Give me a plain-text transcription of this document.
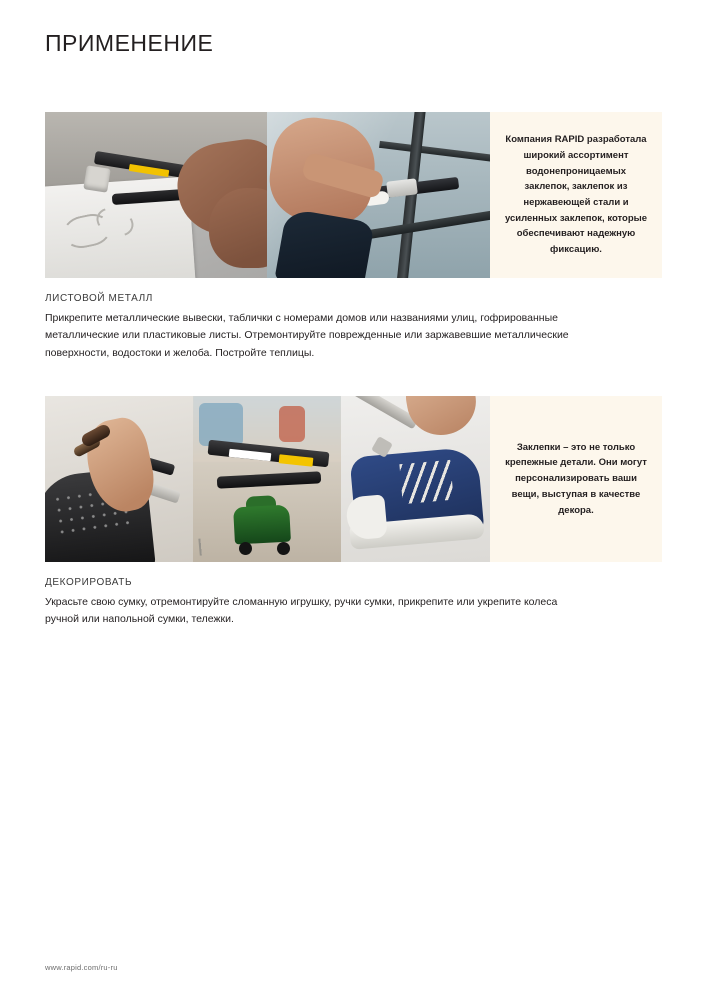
ПРИМЕНЕНИЕ

Компания RAPID разработала широкий ассортимент водонепроницаемых заклепок, заклепок из нержавеющей стали и усиленных заклепок, которые обеспечивают надежную фиксацию.

ЛИСТОВОЙ МЕТАЛЛ
Прикрепите металлические вывески, таблички с номерами домов или названиями улиц, гофрированные металлические или пластиковые листы. Отремонтируйте поврежденные или заржавевшие металлические поверхности, водостоки и желоба. Постройте теплицы.

Заклепки – это не только крепежные детали. Они могут персонализировать ваши вещи, выступая в качестве декора.

ДЕКОРИРОВАТЬ
Украсьте свою сумку, отремонтируйте сломанную игрушку, ручки сумки, прикрепите или укрепите колеса ручной или напольной сумки, тележки.
www.rapid.com/ru-ru
